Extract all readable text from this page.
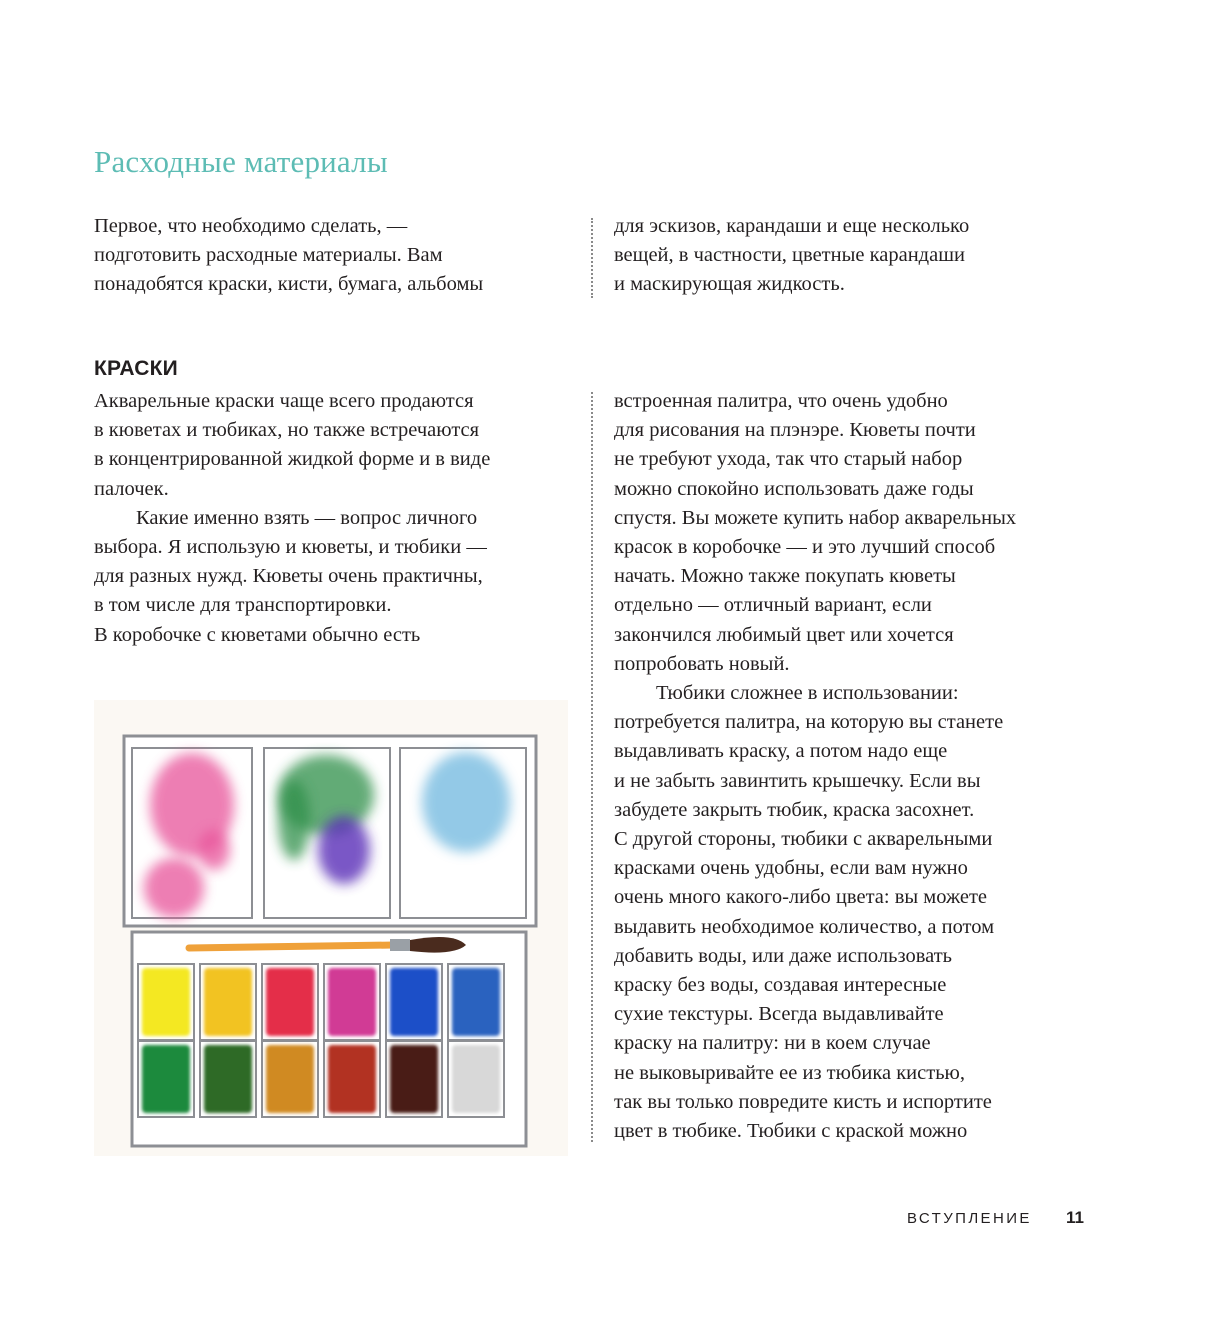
Расходные материалы
Первое, что необходимо сделать, —
подготовить расходные материалы. Вам
понадобятся краски, кисти, бумага, альбомы
для эскизов, карандаши и еще несколько
вещей, в частности, цветные карандаши
и маскирующая жидкость.
КРАСКИ
Акварельные краски чаще всего продаются
в кюветах и тюбиках, но также встречаются
в концентрированной жидкой форме и в виде
палочек.
Какие именно взять — вопрос личного
выбора. Я использую и кюветы, и тюбики —
для разных нужд. Кюветы очень практичны,
в том числе для транспортировки.
В коробочке с кюветами обычно есть
встроенная палитра, что очень удобно
для рисования на плэнэре. Кюветы почти
не требуют ухода, так что старый набор
можно спокойно использовать даже годы
спустя. Вы можете купить набор акварельных
красок в коробочке — и это лучший способ
начать. Можно также покупать кюветы
отдельно — отличный вариант, если
закончился любимый цвет или хочется
попробовать новый.
Тюбики сложнее в использовании:
потребуется палитра, на которую вы станете
выдавливать краску, а потом надо еще
и не забыть завинтить крышечку. Если вы
забудете закрыть тюбик, краска засохнет.
С другой стороны, тюбики с акварельными
красками очень удобны, если вам нужно
очень много какого-либо цвета: вы можете
выдавить необходимое количество, а потом
добавить воды, или даже использовать
краску без воды, создавая интересные
сухие текстуры. Всегда выдавливайте
краску на палитру: ни в коем случае
не выковыривайте ее из тюбика кистью,
так вы только повредите кисть и испортите
цвет в тюбике. Тюбики с краской можно
ВСТУПЛЕНИЕ 11
